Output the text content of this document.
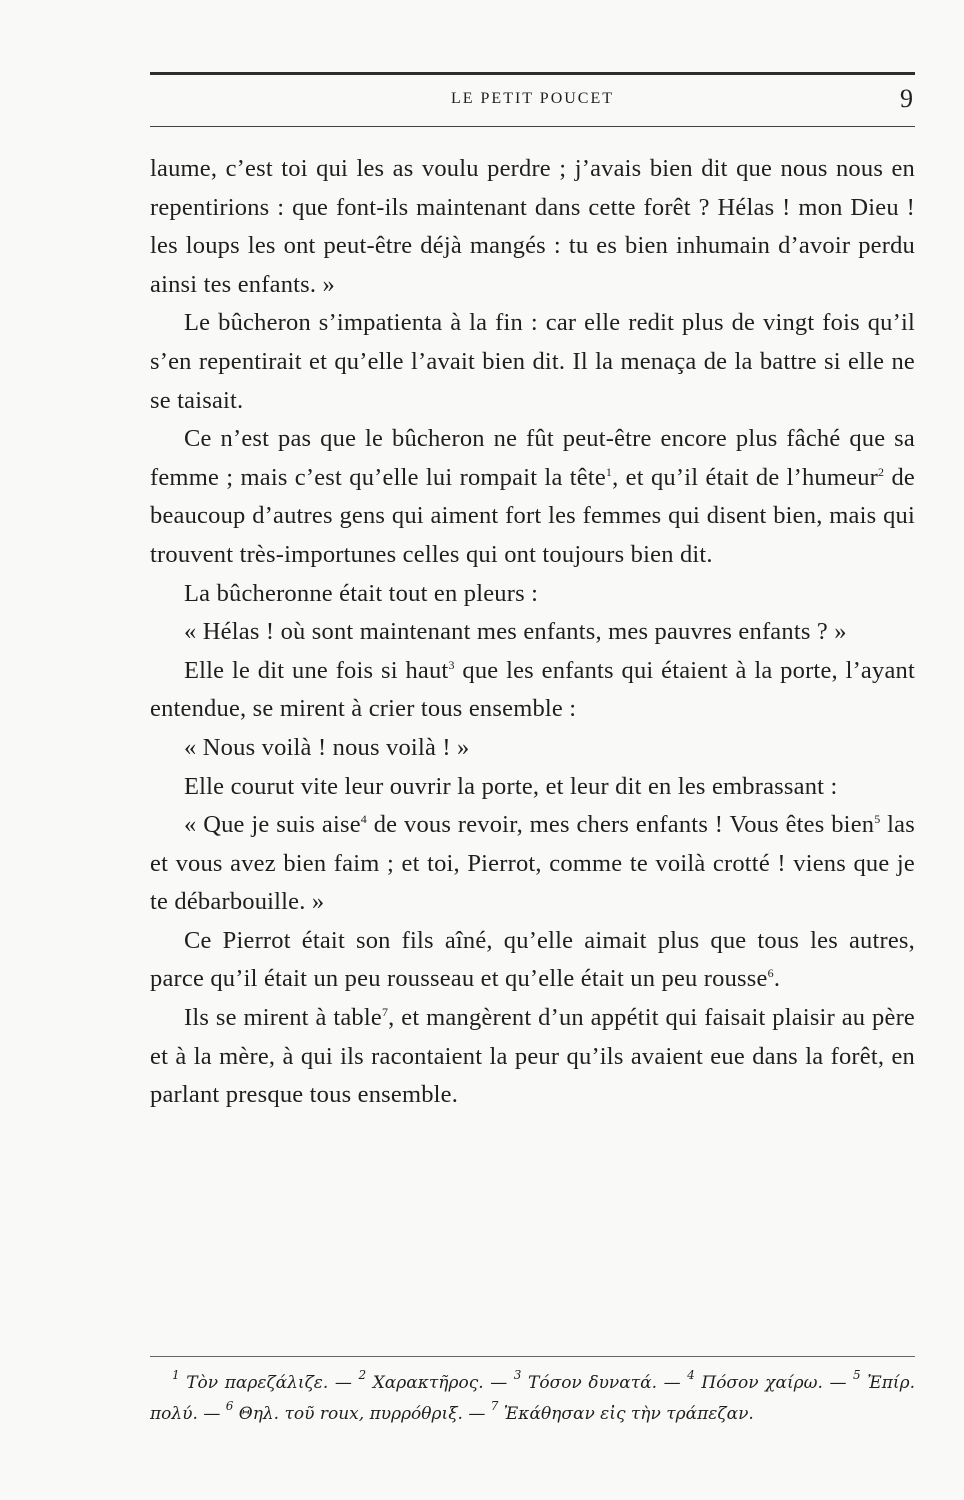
LE PETIT POUCET	9

laume, c’est toi qui les as voulu perdre ; j’avais bien dit que nous nous en repentirions : que font-ils maintenant dans cette forêt ? Hélas ! mon Dieu ! les loups les ont peut-être déjà mangés : tu es bien inhumain d’avoir perdu ainsi tes enfants. »

Le bûcheron s’impatienta à la fin : car elle redit plus de vingt fois qu’il s’en repentirait et qu’elle l’avait bien dit. Il la menaça de la battre si elle ne se taisait.

Ce n’est pas que le bûcheron ne fût peut-être encore plus fâché que sa femme ; mais c’est qu’elle lui rompait la tête$^1$, et qu’il était de l’humeur$^2$ de beaucoup d’autres gens qui aiment fort les femmes qui disent bien, mais qui trouvent très-importunes celles qui ont toujours bien dit.

La bûcheronne était tout en pleurs :

« Hélas ! où sont maintenant mes enfants, mes pauvres enfants ? »

Elle le dit une fois si haut$^3$ que les enfants qui étaient à la porte, l’ayant entendue, se mirent à crier tous ensemble :

« Nous voilà ! nous voilà ! »

Elle courut vite leur ouvrir la porte, et leur dit en les embrassant :

« Que je suis aise$^4$ de vous revoir, mes chers enfants ! Vous êtes bien$^5$ las et vous avez bien faim ; et toi, Pierrot, comme te voilà crotté ! viens que je te débarbouille. »

Ce Pierrot était son fils aîné, qu’elle aimait plus que tous les autres, parce qu’il était un peu rousseau et qu’elle était un peu rousse$^6$.

Ils se mirent à table$^7$, et mangèrent d’un appétit qui faisait plaisir au père et à la mère, à qui ils racontaient la peur qu’ils avaient eue dans la forêt, en parlant presque tous ensemble.

$^1$ Τὸν παρεζάλιζε. — $^2$ Χαρακτῆρος. — $^3$ Τόσον δυνατά. — $^4$ Πόσον χαίρω. — $^5$ Ἐπίρ. πολύ. — $^6$ Θηλ. τοῦ roux, πυρρόθριξ. — $^7$ Ἐκάθησαν εἰς τὴν τράπεζαν.
